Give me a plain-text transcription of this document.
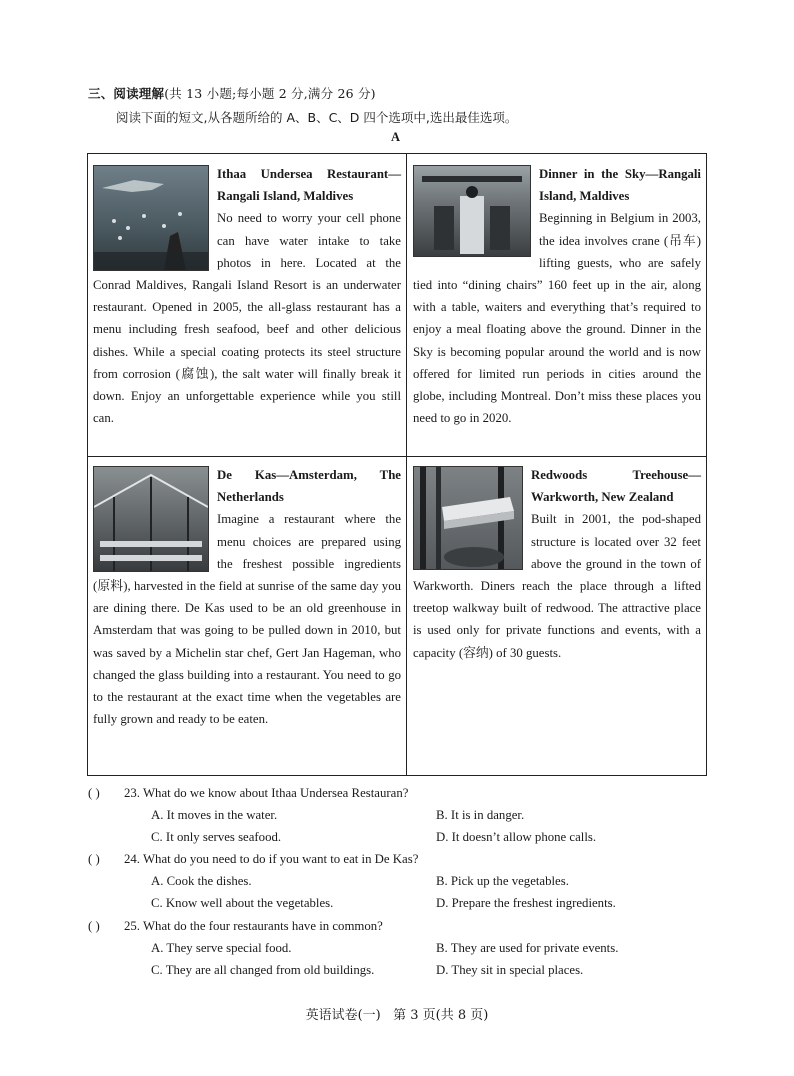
三、阅读理解(共 13 小题;每小题 2 分,满分 26 分)
阅读下面的短文,从各题所给的 A、B、C、D 四个选项中,选出最佳选项。
A

Ithaa Undersea Restaurant—Rangali Island, Maldives
No need to worry your cell phone can have water intake to take photos in here. Located at the Conrad Maldives, Rangali Island Resort is an underwater restaurant. Opened in 2005, the all-glass restaurant has a menu including fresh seafood, beef and other delicious dishes. While a special coating protects its steel structure from corrosion (腐蚀), the salt water will finally break it down. Enjoy an unforgettable experience while you still can.

Dinner in the Sky—Rangali Island, Maldives
Beginning in Belgium in 2003, the idea involves crane (吊车) lifting guests, who are safely tied into “dining chairs” 160 feet up in the air, along with a table, waiters and everything that’s required to enjoy a meal floating above the ground. Dinner in the Sky is becoming popular around the world and is now offered for limited run periods in cities around the globe, including Montreal. Don’t miss these places you need to go in 2020.

De Kas—Amsterdam, The Netherlands
Imagine a restaurant where the menu choices are prepared using the freshest possible ingredients (原料), harvested in the field at sunrise of the same day you are dining there. De Kas used to be an old greenhouse in Amsterdam that was going to be pulled down in 2010, but was saved by a Michelin star chef, Gert Jan Hageman, who changed the glass building into a restaurant. You need to go to the restaurant at the exact time when the vegetables are fully grown and ready to be eaten.

Redwoods Treehouse—Warkworth, New Zealand
Built in 2001, the pod-shaped structure is located over 32 feet above the ground in the town of Warkworth. Diners reach the place through a lifted treetop walkway built of redwood. The attractive place is used only for private functions and events, with a capacity (容纳) of 30 guests.

( ) 23. What do we know about Ithaa Undersea Restauran?
A. It moves in the water.	B. It is in danger.
C. It only serves seafood.	D. It doesn’t allow phone calls.
( ) 24. What do you need to do if you want to eat in De Kas?
A. Cook the dishes.	B. Pick up the vegetables.
C. Know well about the vegetables.	D. Prepare the freshest ingredients.
( ) 25. What do the four restaurants have in common?
A. They serve special food.	B. They are used for private events.
C. They are all changed from old buildings.	D. They sit in special places.
英语试卷(一)   第 3 页(共 8 页)
